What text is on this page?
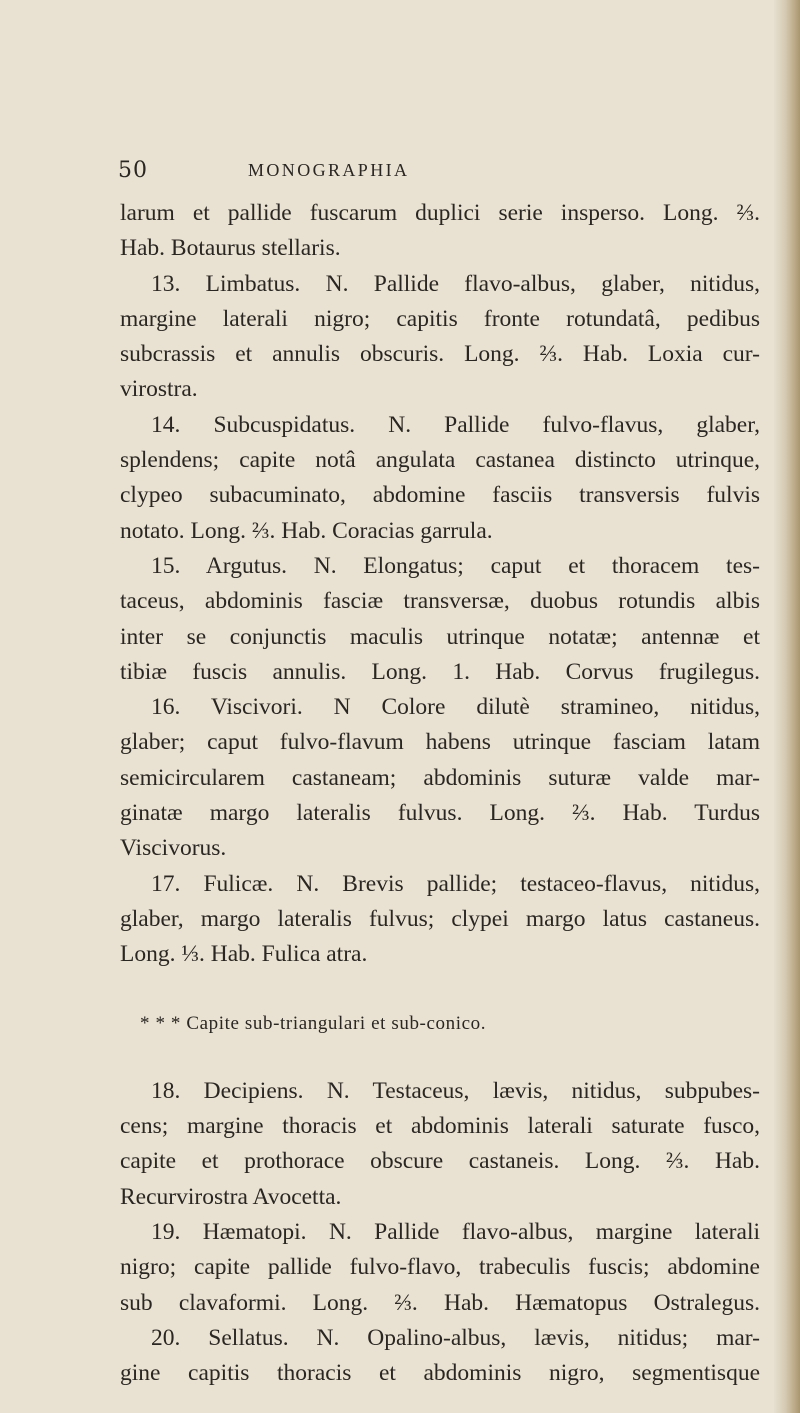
50	MONOGRAPHIA
larum et pallide fuscarum duplici serie insperso. Long. ⅔.
Hab. Botaurus stellaris.
13. Limbatus. N. Pallide flavo-albus, glaber, nitidus,
margine laterali nigro; capitis fronte rotundatâ, pedibus
subcrassis et annulis obscuris. Long. ⅔. Hab. Loxia cur-
virostra.
14. Subcuspidatus. N. Pallide fulvo-flavus, glaber,
splendens; capite notâ angulata castanea distincto utrinque,
clypeo subacuminato, abdomine fasciis transversis fulvis
notato. Long. ⅔. Hab. Coracias garrula.
15. Argutus. N. Elongatus; caput et thoracem tes-
taceus, abdominis fasciæ transversæ, duobus rotundis albis
inter se conjunctis maculis utrinque notatæ; antennæ et
tibiæ fuscis annulis. Long. 1. Hab. Corvus frugilegus.
16. Viscivori. N Colore dilutè stramineo, nitidus,
glaber; caput fulvo-flavum habens utrinque fasciam latam
semicircularem castaneam; abdominis suturæ valde mar-
ginatæ margo lateralis fulvus. Long. ⅔. Hab. Turdus
Viscivorus.
17. Fulicæ. N. Brevis pallide; testaceo-flavus, nitidus,
glaber, margo lateralis fulvus; clypei margo latus castaneus.
Long. ⅓. Hab. Fulica atra.
* * * Capite sub-triangulari et sub-conico.
18. Decipiens. N. Testaceus, lævis, nitidus, subpubes-
cens; margine thoracis et abdominis laterali saturate fusco,
capite et prothorace obscure castaneis. Long. ⅔. Hab.
Recurvirostra Avocetta.
19. Hæmatopi. N. Pallide flavo-albus, margine laterali
nigro; capite pallide fulvo-flavo, trabeculis fuscis; abdomine
sub clavaformi. Long. ⅔. Hab. Hæmatopus Ostralegus.
20. Sellatus. N. Opalino-albus, lævis, nitidus; mar-
gine capitis thoracis et abdominis nigro, segmentisque
